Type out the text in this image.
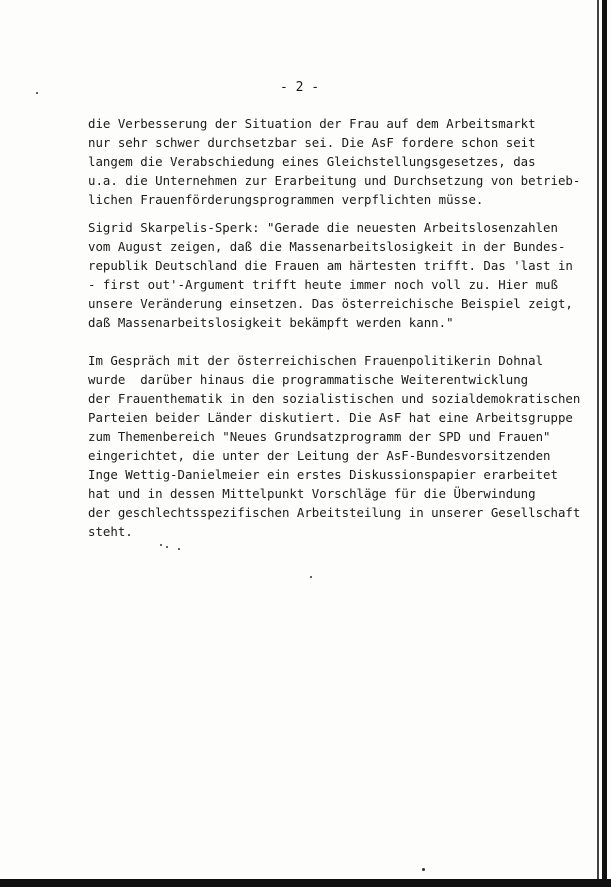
- 2 -
die Verbesserung der Situation der Frau auf dem Arbeitsmarkt
nur sehr schwer durchsetzbar sei. Die AsF fordere schon seit
langem die Verabschiedung eines Gleichstellungsgesetzes, das
u.a. die Unternehmen zur Erarbeitung und Durchsetzung von betrieb-
lichen Frauenförderungsprogrammen verpflichten müsse.
Sigrid Skarpelis-Sperk: "Gerade die neuesten Arbeitslosenzahlen
vom August zeigen, daß die Massenarbeitslosigkeit in der Bundes-
republik Deutschland die Frauen am härtesten trifft. Das 'last in
- first out'-Argument trifft heute immer noch voll zu. Hier muß
unsere Veränderung einsetzen. Das österreichische Beispiel zeigt,
daß Massenarbeitslosigkeit bekämpft werden kann."
Im Gespräch mit der österreichischen Frauenpolitikerin Dohnal
wurde  darüber hinaus die programmatische Weiterentwicklung
der Frauenthematik in den sozialistischen und sozialdemokratischen
Parteien beider Länder diskutiert. Die AsF hat eine Arbeitsgruppe
zum Themenbereich "Neues Grundsatzprogramm der SPD und Frauen"
eingerichtet, die unter der Leitung der AsF-Bundesvorsitzenden
Inge Wettig-Danielmeier ein erstes Diskussionspapier erarbeitet
hat und in dessen Mittelpunkt Vorschläge für die Überwindung
der geschlechtsspezifischen Arbeitsteilung in unserer Gesellschaft
steht.
